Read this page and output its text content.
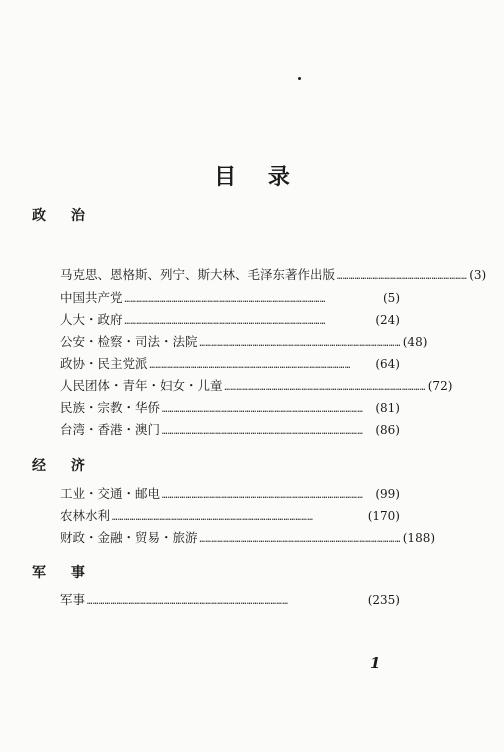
目 录
政 治
马克思、恩格斯、列宁、斯大林、毛泽东著作出版 ………………………………………………………… (3)
中国共产党 …………………………………………………………………………………………	(5)
人大・政府 …………………………………………………………………………………………	(24)
公安・检察・司法・法院 ………………………………………………………………………………………… (48)
政协・民主党派 …………………………………………………………………………………………	(64)
人民团体・青年・妇女・儿童 ………………………………………………………………………………………… (72)
民族・宗教・华侨 …………………………………………………………………………………………	(81)
台湾・香港・澳门 …………………………………………………………………………………………	(86)
经 济
工业・交通・邮电 …………………………………………………………………………………………	(99)
农林水利 …………………………………………………………………………………………	(170)
财政・金融・贸易・旅游 ………………………………………………………………………………………… (188)
军 事
军事 …………………………………………………………………………………………	(235)
1
